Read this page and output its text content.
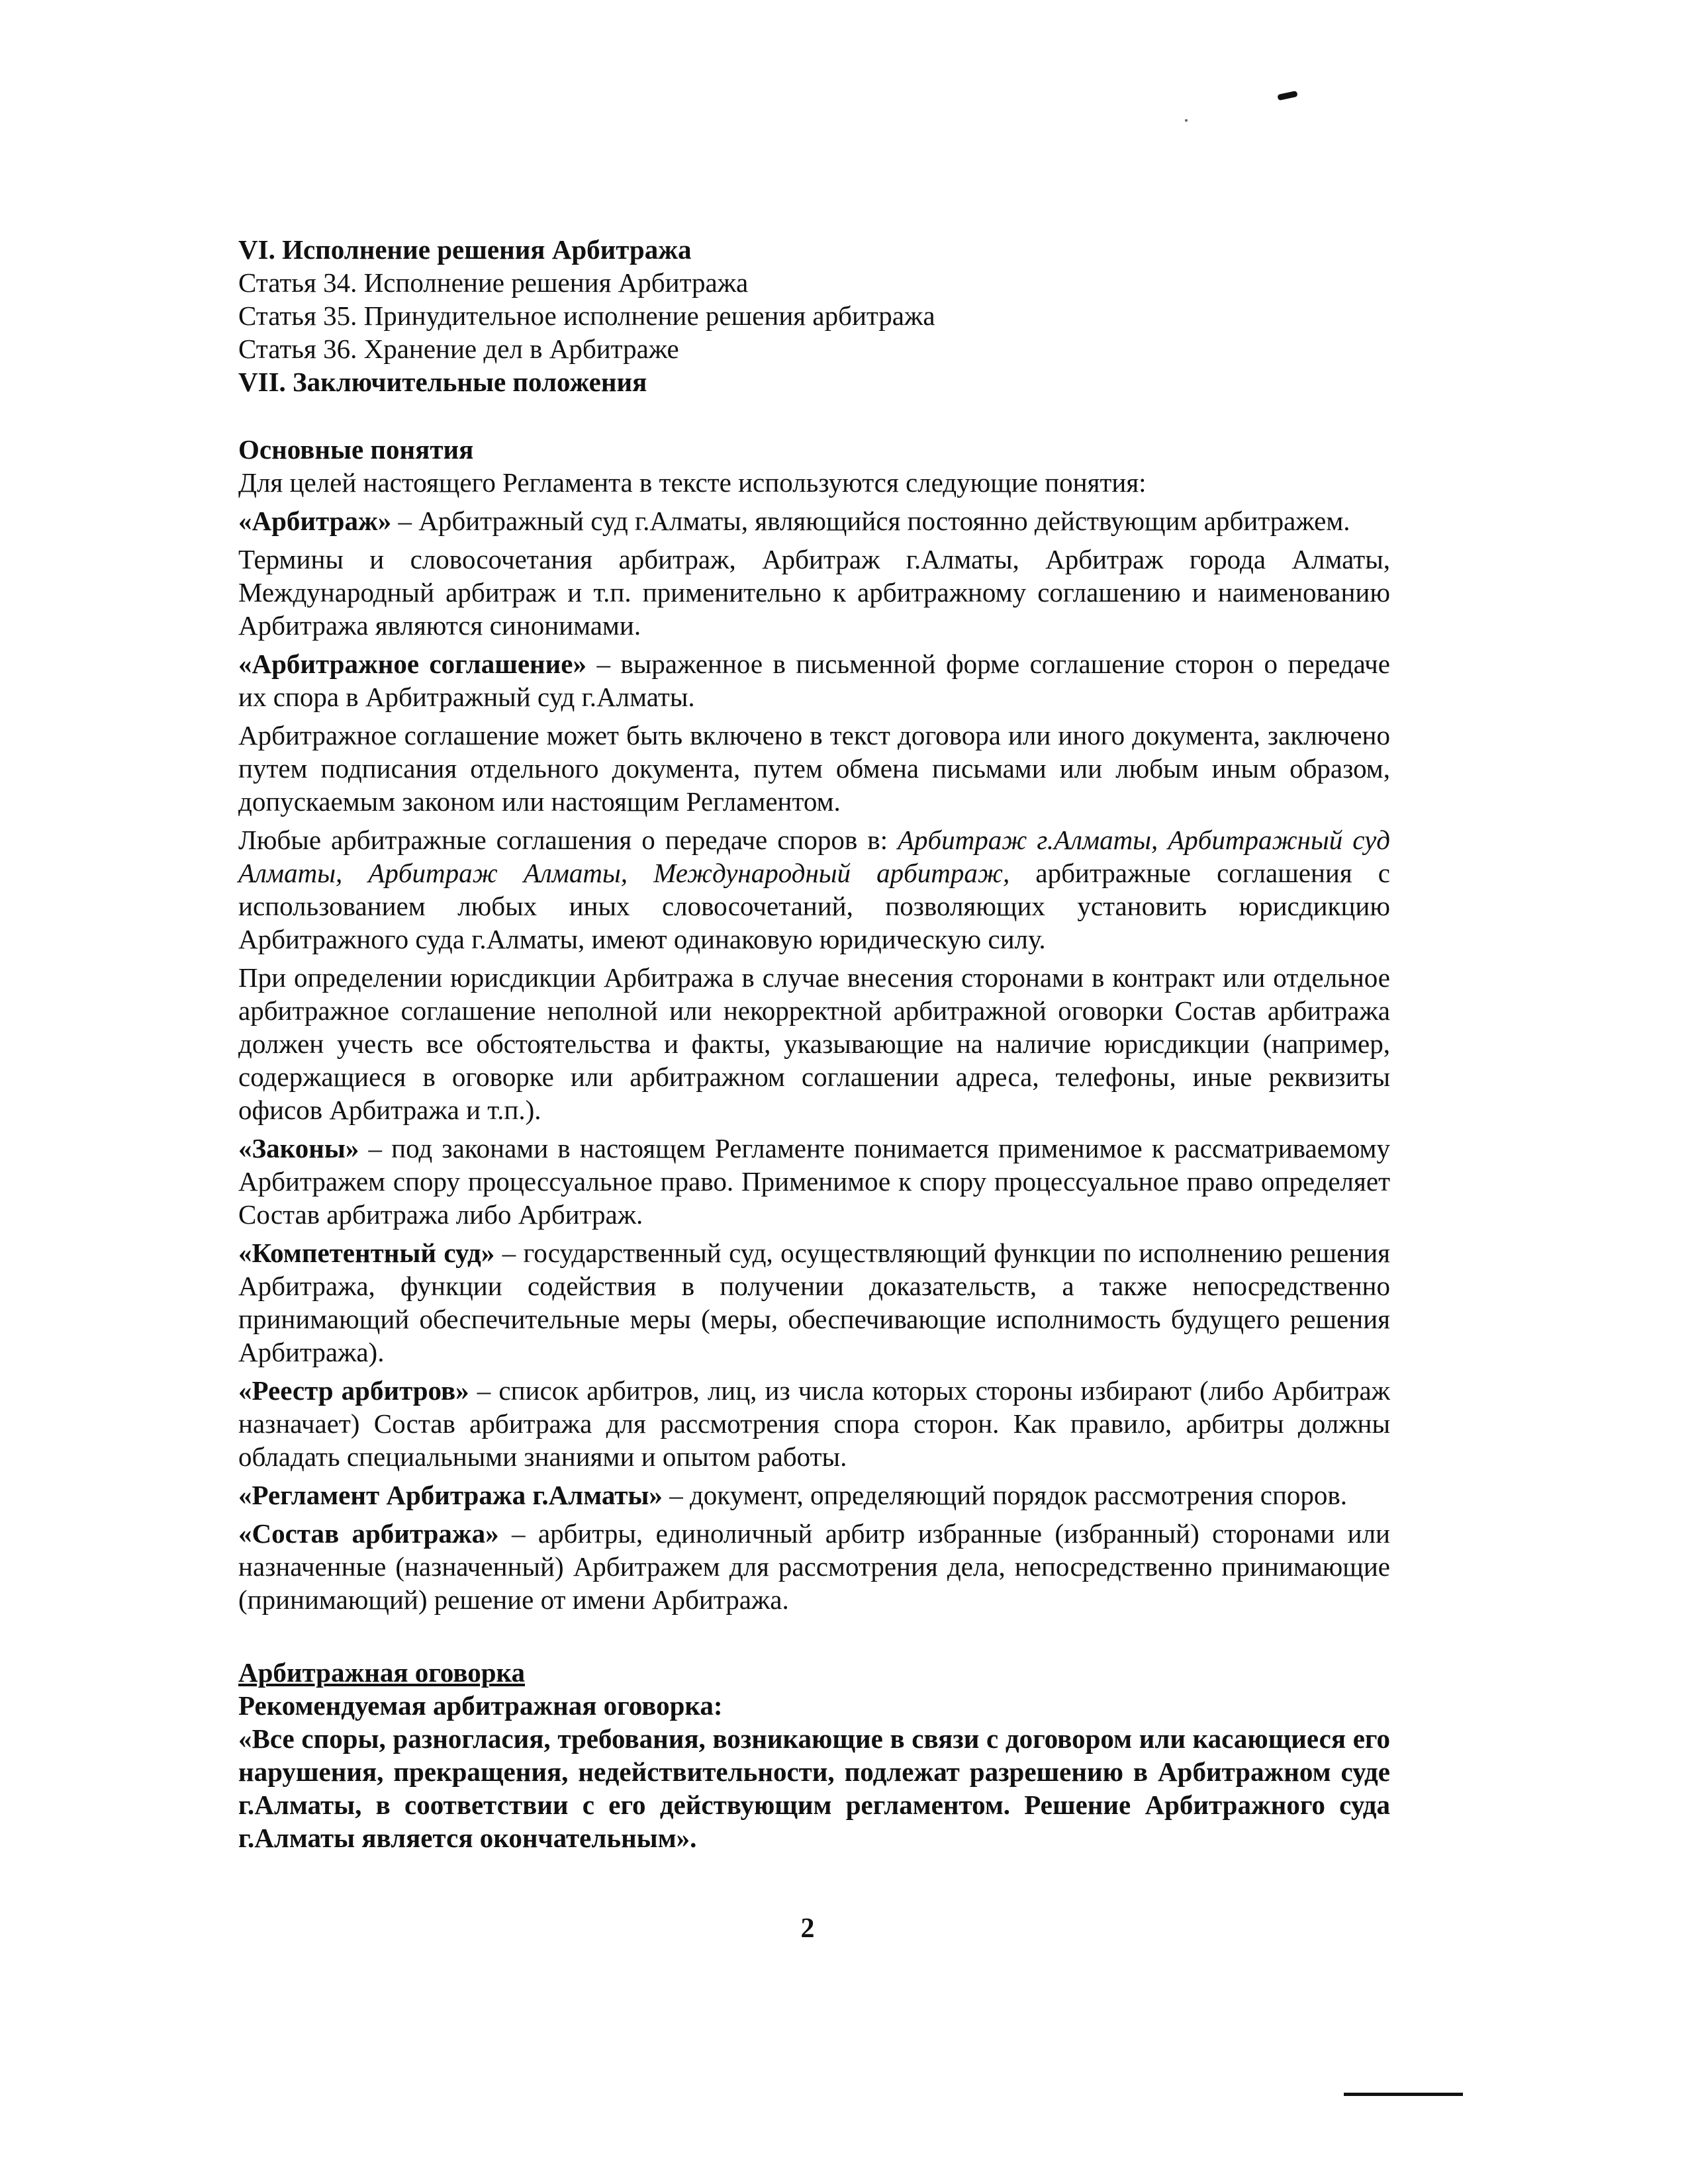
VI. Исполнение решения Арбитража

Статья 34. Исполнение решения Арбитража

Статья 35. Принудительное исполнение решения арбитража

Статья 36. Хранение дел в Арбитраже

VII. Заключительные положения

Основные понятия

Для целей настоящего Регламента в тексте используются следующие понятия:

«Арбитраж» – Арбитражный суд г.Алматы, являющийся постоянно действующим арбитражем.

Термины и словосочетания арбитраж, Арбитраж г.Алматы, Арбитраж города Алматы, Международный арбитраж и т.п. применительно к арбитражному соглашению и наименованию Арбитража являются синонимами.

«Арбитражное соглашение» – выраженное в письменной форме соглашение сторон о передаче их спора в Арбитражный суд г.Алматы.

Арбитражное соглашение может быть включено в текст договора или иного документа, заключено путем подписания отдельного документа, путем обмена письмами или любым иным образом, допускаемым законом или настоящим Регламентом.

Любые арбитражные соглашения о передаче споров в: Арбитраж г.Алматы, Арбитражный суд Алматы, Арбитраж Алматы, Международный арбитраж, арбитражные соглашения с использованием любых иных словосочетаний, позволяющих установить юрисдикцию Арбитражного суда г.Алматы, имеют одинаковую юридическую силу.

При определении юрисдикции Арбитража в случае внесения сторонами в контракт или отдельное арбитражное соглашение неполной или некорректной арбитражной оговорки Состав арбитража должен учесть все обстоятельства и факты, указывающие на наличие юрисдикции (например, содержащиеся в оговорке или арбитражном соглашении адреса, телефоны, иные реквизиты офисов Арбитража и т.п.).

«Законы» – под законами в настоящем Регламенте понимается применимое к рассматриваемому Арбитражем спору процессуальное право. Применимое к спору процессуальное право определяет Состав арбитража либо Арбитраж.

«Компетентный суд» – государственный суд, осуществляющий функции по исполнению решения Арбитража, функции содействия в получении доказательств, а также непосредственно принимающий обеспечительные меры (меры, обеспечивающие исполнимость будущего решения Арбитража).

«Реестр арбитров» – список арбитров, лиц, из числа которых стороны избирают (либо Арбитраж назначает) Состав арбитража для рассмотрения спора сторон. Как правило, арбитры должны обладать специальными знаниями и опытом работы.

«Регламент Арбитража г.Алматы» – документ, определяющий порядок рассмотрения споров.

«Состав арбитража» – арбитры, единоличный арбитр избранные (избранный) сторонами или назначенные (назначенный) Арбитражем для рассмотрения дела, непосредственно принимающие (принимающий) решение от имени Арбитража.

Арбитражная оговорка

Рекомендуемая арбитражная оговорка:

«Все споры, разногласия, требования, возникающие в связи с договором или касающиеся его нарушения, прекращения, недействительности, подлежат разрешению в Арбитражном суде г.Алматы, в соответствии с его действующим регламентом. Решение Арбитражного суда г.Алматы является окончательным».

2
